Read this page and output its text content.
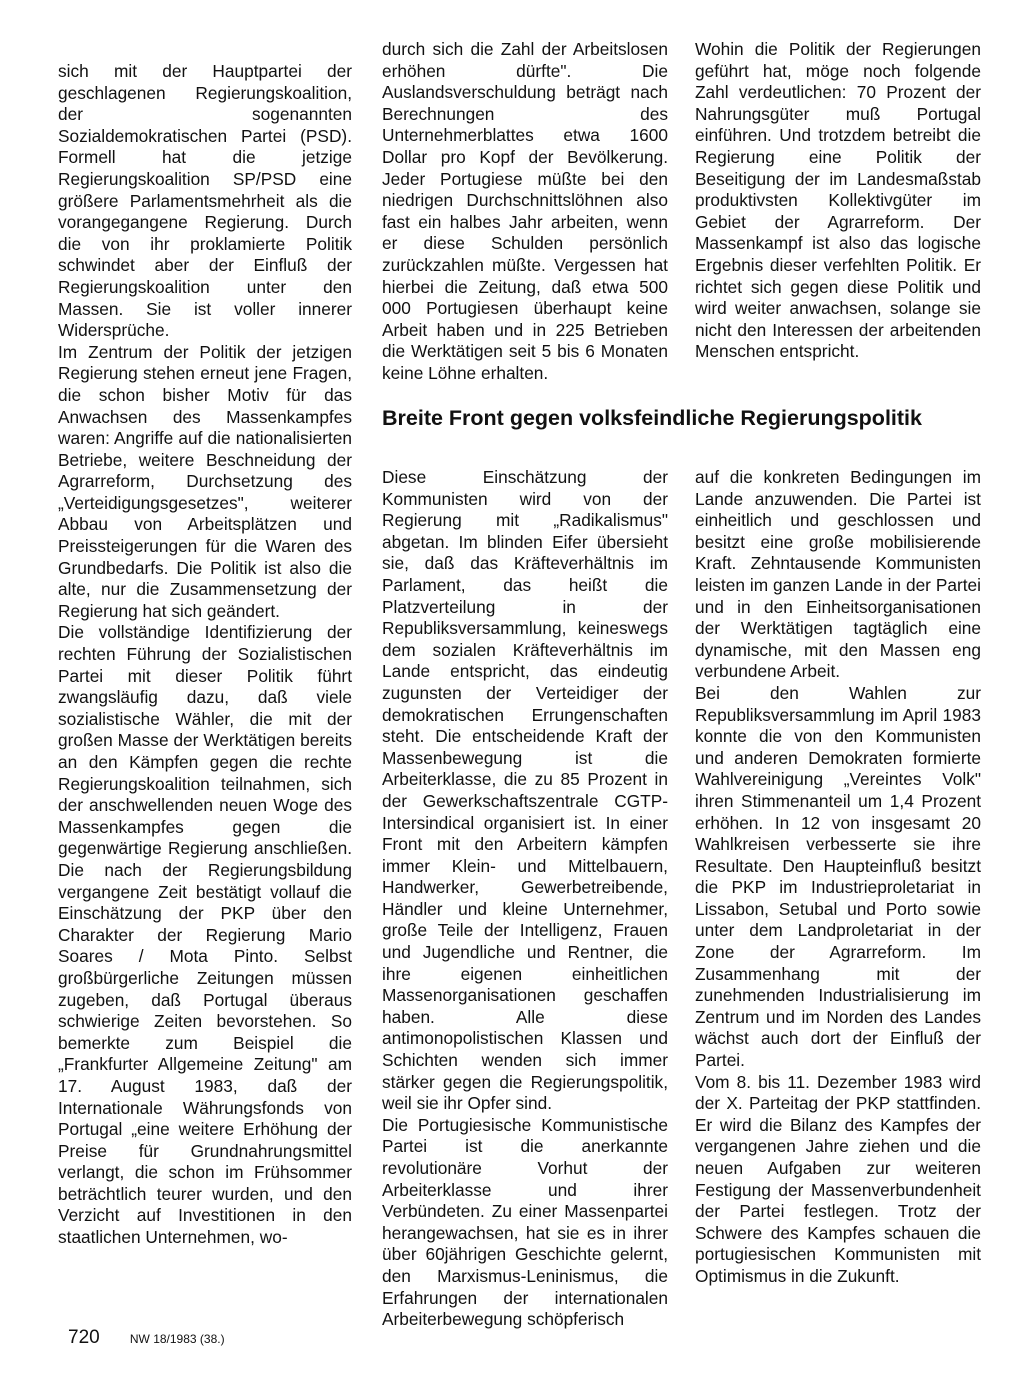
sich mit der Hauptpartei der geschlagenen Regierungskoalition, der sogenannten Sozialdemokratischen Partei (PSD). Formell hat die jetzige Regierungskoalition SP/PSD eine größere Parlamentsmehrheit als die vorangegangene Regierung. Durch die von ihr proklamierte Politik schwindet aber der Einfluß der Regierungskoalition unter den Massen. Sie ist voller innerer Widersprüche.
Im Zentrum der Politik der jetzigen Regierung stehen erneut jene Fragen, die schon bisher Motiv für das Anwachsen des Massenkampfes waren: Angriffe auf die nationalisierten Betriebe, weitere Beschneidung der Agrarreform, Durchsetzung des „Verteidigungsgesetzes", weiterer Abbau von Arbeitsplätzen und Preissteigerungen für die Waren des Grundbedarfs. Die Politik ist also die alte, nur die Zusammensetzung der Regierung hat sich geändert.
Die vollständige Identifizierung der rechten Führung der Sozialistischen Partei mit dieser Politik führt zwangsläufig dazu, daß viele sozialistische Wähler, die mit der großen Masse der Werktätigen bereits an den Kämpfen gegen die rechte Regierungskoalition teilnahmen, sich der anschwellenden neuen Woge des Massenkampfes gegen die gegenwärtige Regierung anschließen. Die nach der Regierungsbildung vergangene Zeit bestätigt vollauf die Einschätzung der PKP über den Charakter der Regierung Mario Soares / Mota Pinto. Selbst großbürgerliche Zeitungen müssen zugeben, daß Portugal überaus schwierige Zeiten bevorstehen. So bemerkte zum Beispiel die „Frankfurter Allgemeine Zeitung" am 17. August 1983, daß der Internationale Währungsfonds von Portugal „eine weitere Erhöhung der Preise für Grundnahrungsmittel verlangt, die schon im Frühsommer beträchtlich teurer wurden, und den Verzicht auf Investitionen in den staatlichen Unternehmen, wo-

durch sich die Zahl der Arbeitslosen erhöhen dürfte". Die Auslandsverschuldung beträgt nach Berechnungen des Unternehmerblattes etwa 1600 Dollar pro Kopf der Bevölkerung. Jeder Portugiese müßte bei den niedrigen Durchschnittslöhnen also fast ein halbes Jahr arbeiten, wenn er diese Schulden persönlich zurückzahlen müßte. Vergessen hat hierbei die Zeitung, daß etwa 500 000 Portugiesen überhaupt keine Arbeit haben und in 225 Betrieben die Werktätigen seit 5 bis 6 Monaten keine Löhne erhalten.

Wohin die Politik der Regierungen geführt hat, möge noch folgende Zahl verdeutlichen: 70 Prozent der Nahrungsgüter muß Portugal einführen. Und trotzdem betreibt die Regierung eine Politik der Beseitigung der im Landesmaßstab produktivsten Kollektivgüter im Gebiet der Agrarreform. Der Massenkampf ist also das logische Ergebnis dieser verfehlten Politik. Er richtet sich gegen diese Politik und wird weiter anwachsen, solange sie nicht den Interessen der arbeitenden Menschen entspricht.

Breite Front gegen volksfeindliche Regierungspolitik

Diese Einschätzung der Kommunisten wird von der Regierung mit „Radikalismus" abgetan. Im blinden Eifer übersieht sie, daß das Kräfteverhältnis im Parlament, das heißt die Platzverteilung in der Republiksversammlung, keineswegs dem sozialen Kräfteverhältnis im Lande entspricht, das eindeutig zugunsten der Verteidiger der demokratischen Errungenschaften steht. Die entscheidende Kraft der Massenbewegung ist die Arbeiterklasse, die zu 85 Prozent in der Gewerkschaftszentrale CGTP-Intersindical organisiert ist. In einer Front mit den Arbeitern kämpfen immer Klein- und Mittelbauern, Handwerker, Gewerbetreibende, Händler und kleine Unternehmer, große Teile der Intelligenz, Frauen und Jugendliche und Rentner, die ihre eigenen einheitlichen Massenorganisationen geschaffen haben. Alle diese antimonopolistischen Klassen und Schichten wenden sich immer stärker gegen die Regierungspolitik, weil sie ihr Opfer sind.
Die Portugiesische Kommunistische Partei ist die anerkannte revolutionäre Vorhut der Arbeiterklasse und ihrer Verbündeten. Zu einer Massenpartei herangewachsen, hat sie es in ihrer über 60jährigen Geschichte gelernt, den Marxismus-Leninismus, die Erfahrungen der internationalen Arbeiterbewegung schöpferisch

auf die konkreten Bedingungen im Lande anzuwenden. Die Partei ist einheitlich und geschlossen und besitzt eine große mobilisierende Kraft. Zehntausende Kommunisten leisten im ganzen Lande in der Partei und in den Einheitsorganisationen der Werktätigen tagtäglich eine dynamische, mit den Massen eng verbundene Arbeit.
Bei den Wahlen zur Republiksversammlung im April 1983 konnte die von den Kommunisten und anderen Demokraten formierte Wahlvereinigung „Vereintes Volk" ihren Stimmenanteil um 1,4 Prozent erhöhen. In 12 von insgesamt 20 Wahlkreisen verbesserte sie ihre Resultate. Den Haupteinfluß besitzt die PKP im Industrieproletariat in Lissabon, Setubal und Porto sowie unter dem Landproletariat in der Zone der Agrarreform. Im Zusammenhang mit der zunehmenden Industrialisierung im Zentrum und im Norden des Landes wächst auch dort der Einfluß der Partei.
Vom 8. bis 11. Dezember 1983 wird der X. Parteitag der PKP stattfinden. Er wird die Bilanz des Kampfes der vergangenen Jahre ziehen und die neuen Aufgaben zur weiteren Festigung der Massenverbundenheit der Partei festlegen. Trotz der Schwere des Kampfes schauen die portugiesischen Kommunisten mit Optimismus in die Zukunft.

720	NW 18/1983 (38.)
